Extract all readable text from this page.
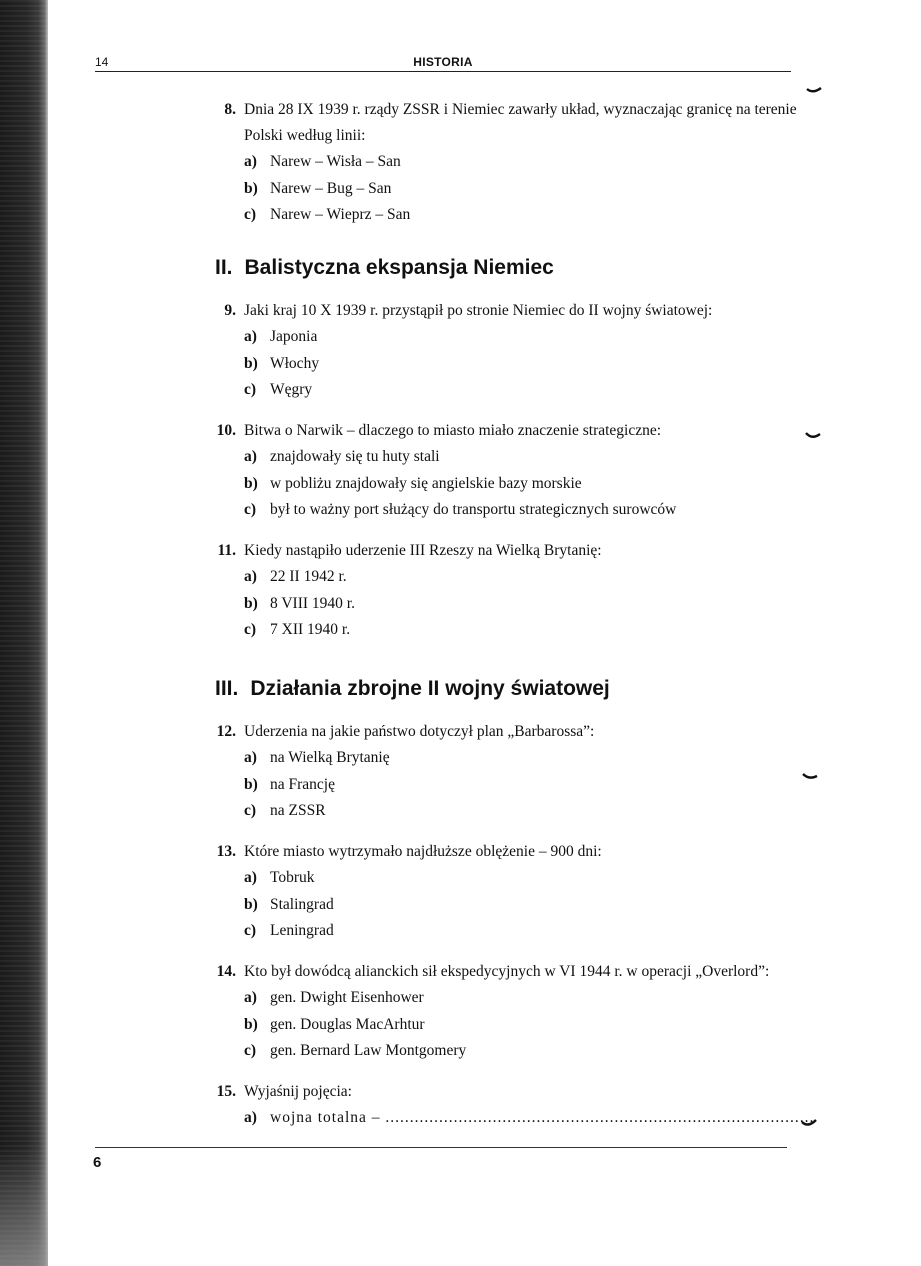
14	HISTORIA
8. Dnia 28 IX 1939 r. rządy ZSSR i Niemiec zawarły układ, wyznaczając granicę na terenie Polski według linii:
a) Narew – Wisła – San
b) Narew – Bug – San
c) Narew – Wieprz – San
II. Balistyczna ekspansja Niemiec
9. Jaki kraj 10 X 1939 r. przystąpił po stronie Niemiec do II wojny światowej:
a) Japonia
b) Włochy
c) Węgry
10. Bitwa o Narwik – dlaczego to miasto miało znaczenie strategiczne:
a) znajdowały się tu huty stali
b) w pobliżu znajdowały się angielskie bazy morskie
c) był to ważny port służący do transportu strategicznych surowców
11. Kiedy nastąpiło uderzenie III Rzeszy na Wielką Brytanię:
a) 22 II 1942 r.
b) 8 VIII 1940 r.
c) 7 XII 1940 r.
III. Działania zbrojne II wojny światowej
12. Uderzenia na jakie państwo dotyczył plan „Barbarossa”:
a) na Wielką Brytanię
b) na Francję
c) na ZSSR
13. Które miasto wytrzymało najdłuższe oblężenie – 900 dni:
a) Tobruk
b) Stalingrad
c) Leningrad
14. Kto był dowódcą alianckich sił ekspedycyjnych w VI 1944 r. w operacji „Overlord”:
a) gen. Dwight Eisenhower
b) gen. Douglas MacArhtur
c) gen. Bernard Law Montgomery
15. Wyjaśnij pojęcia:
a) wojna totalna – ........................................................................................
6
